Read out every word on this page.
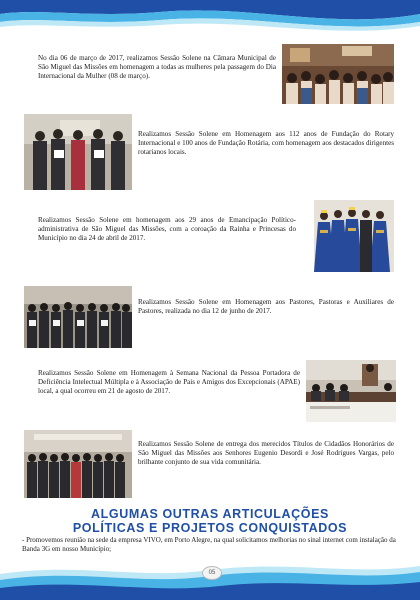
No dia 06 de março de 2017, realizamos Sessão Solene na Câmara Municipal de São Miguel das Missões em homenagem a todas as mulheres pela passagem do Dia Internacional da Mulher (08 de março).
Realizamos Sessão Solene em Homenagem aos 112 anos de Fundação do Rotary Internacional e 100 anos de Fundação Rotária, com homenagem aos destacados dirigentes rotarianos locais.
Realizamos Sessão Solene em homenagem aos 29 anos de Emancipação Político-administrativa de São Miguel das Missões, com a coroação da Rainha e Princesas do Município no dia 24 de abril de 2017.
Realizamos Sessão Solene em Homenagem aos Pastores, Pastoras e Auxiliares de Pastores, realizada no dia 12 de junho de 2017.
Realizamos Sessão Solene em Homenagem à Semana Nacional da Pessoa Portadora de Deficiência Intelectual Múltipla e à Associação de Pais e Amigos dos Excepcionais (APAE) local, a qual ocorreu em 21 de agosto de 2017.
Realizamos Sessão Solene de entrega dos merecidos Títulos de Cidadãos Honorários de São Miguel das Missões aos Senhores Eugenio Desordi e José Rodrigues Vargas, pelo brilhante conjunto de sua vida comunitária.
ALGUMAS OUTRAS ARTICULAÇÕES
POLÍTICAS E PROJETOS CONQUISTADOS
- Promovemos reunião na sede da empresa VIVO, em Porto Alegre, na qual solicitamos melhorias no sinal internet com instalação da Banda 3G em nosso Município;
05
